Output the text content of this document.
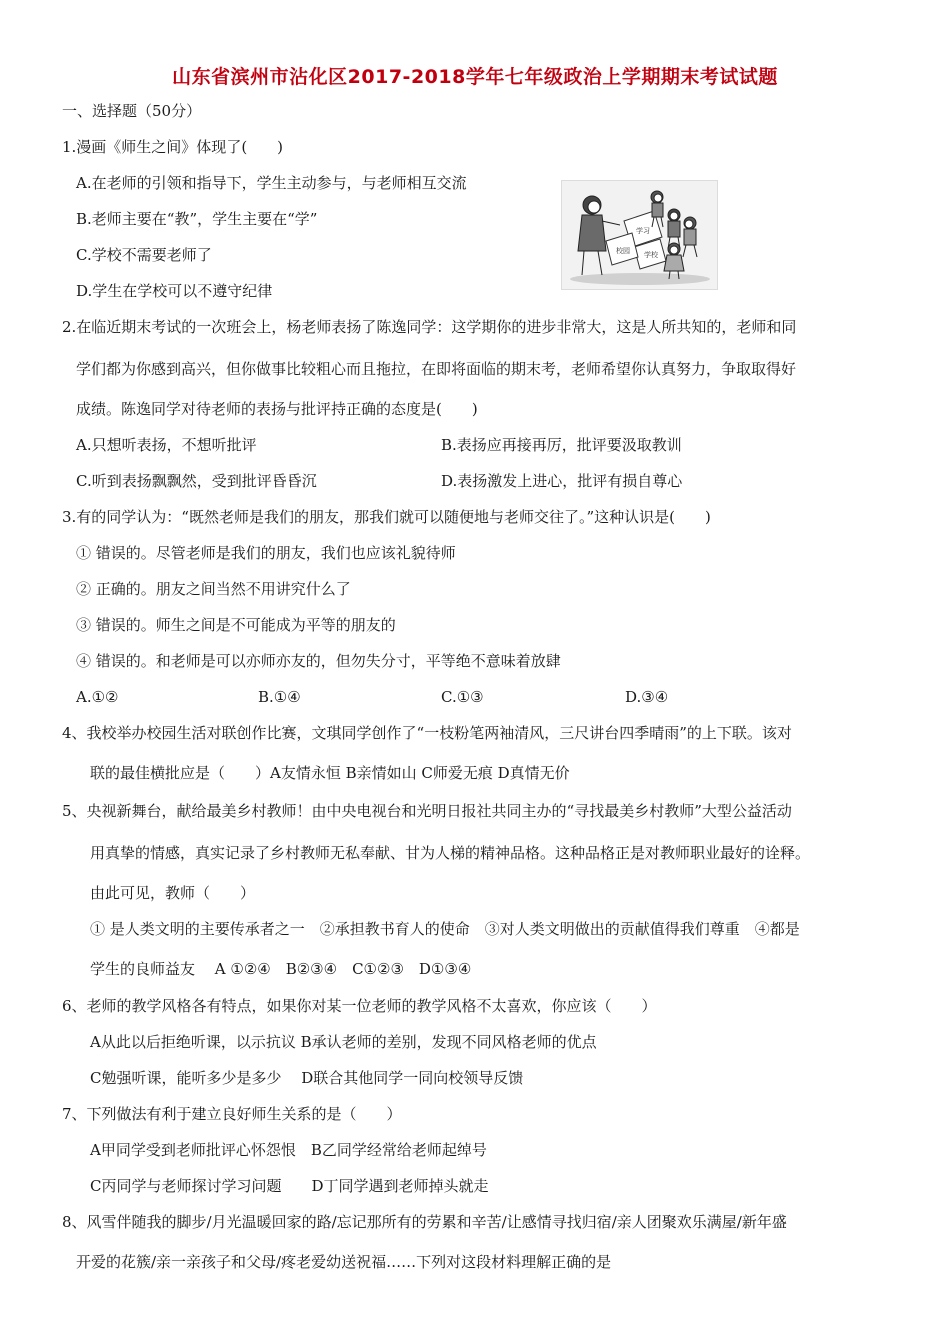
山东省滨州市沾化区2017-2018学年七年级政治上学期期末考试试题
一、选择题（50分）
1.漫画《师生之间》体现了(　　)
A.在老师的引领和指导下，学生主动参与，与老师相互交流
B.老师主要在“教”，学生主要在“学”
C.学校不需要老师了
D.学生在学校可以不遵守纪律
学习
学校
校园
2.在临近期末考试的一次班会上，杨老师表扬了陈逸同学：这学期你的进步非常大，这是人所共知的，老师和同
学们都为你感到高兴，但你做事比较粗心而且拖拉，在即将面临的期末考，老师希望你认真努力，争取取得好
成绩。陈逸同学对待老师的表扬与批评持正确的态度是(　　)
A.只想听表扬，不想听批评	B.表扬应再接再厉，批评要汲取教训
C.听到表扬飘飘然，受到批评昏昏沉	D.表扬激发上进心，批评有损自尊心
3.有的同学认为：“既然老师是我们的朋友，那我们就可以随便地与老师交往了。”这种认识是(　　)
① 错误的。尽管老师是我们的朋友，我们也应该礼貌待师
② 正确的。朋友之间当然不用讲究什么了
③ 错误的。师生之间是不可能成为平等的朋友的
④ 错误的。和老师是可以亦师亦友的，但勿失分寸，平等绝不意味着放肆
A.①②	B.①④	C.①③	D.③④
4、我校举办校园生活对联创作比赛，文琪同学创作了“一枝粉笔两袖清风，三尺讲台四季晴雨”的上下联。该对
联的最佳横批应是（　　）A友情永恒 B亲情如山 C师爱无痕 D真情无价
5、央视新舞台，献给最美乡村教师！由中央电视台和光明日报社共同主办的“寻找最美乡村教师”大型公益活动
用真挚的情感，真实记录了乡村教师无私奉献、甘为人梯的精神品格。这种品格正是对教师职业最好的诠释。
由此可见，教师（　　）
① 是人类文明的主要传承者之一　②承担教书育人的使命　③对人类文明做出的贡献值得我们尊重　④都是
学生的良师益友　 A ①②④　B②③④　C①②③　D①③④
6、老师的教学风格各有特点，如果你对某一位老师的教学风格不太喜欢，你应该（　　）
A从此以后拒绝听课，以示抗议 B承认老师的差别，发现不同风格老师的优点
C勉强听课，能听多少是多少　 D联合其他同学一同向校领导反馈
7、下列做法有利于建立良好师生关系的是（　　）
A甲同学受到老师批评心怀怨恨　B乙同学经常给老师起绰号
C丙同学与老师探讨学习问题　　D丁同学遇到老师掉头就走
8、风雪伴随我的脚步/月光温暖回家的路/忘记那所有的劳累和辛苦/让感情寻找归宿/亲人团聚欢乐满屋/新年盛
开爱的花簇/亲一亲孩子和父母/疼老爱幼送祝福……下列对这段材料理解正确的是
